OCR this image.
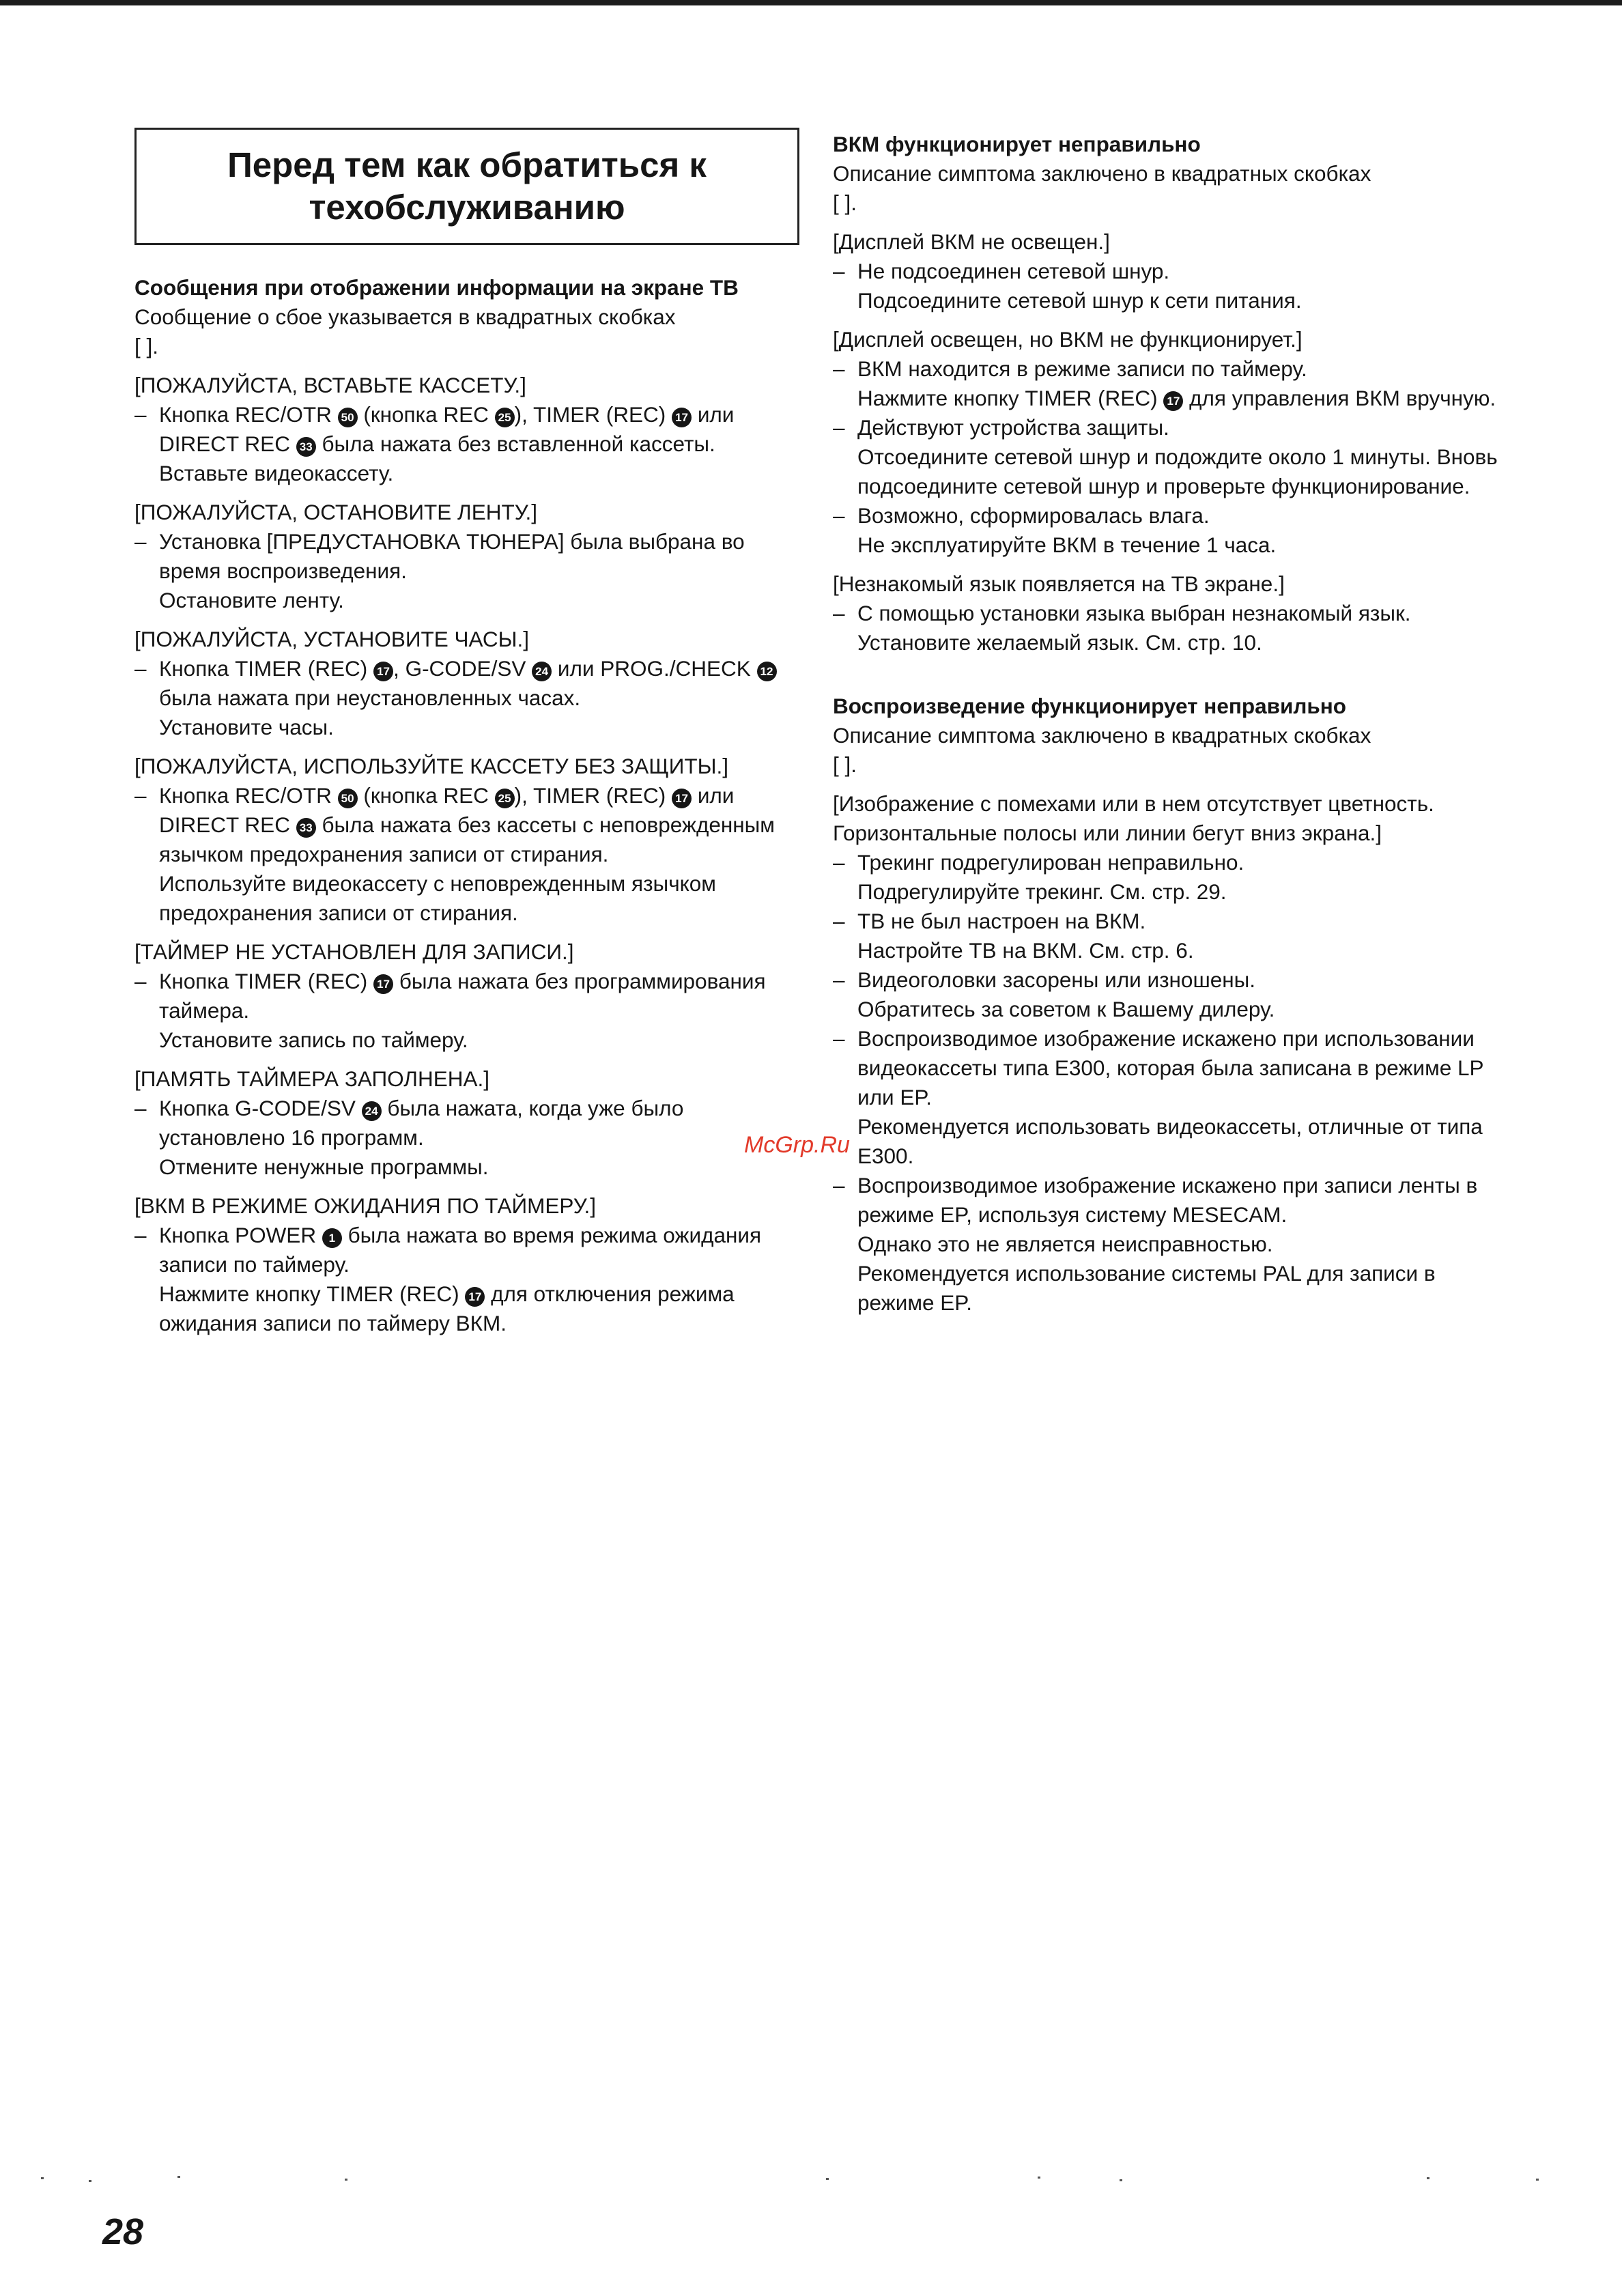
Перед тем как обратиться к техобслуживанию
Сообщения при отображении информации на экране ТВ
Сообщение о сбое указывается в квадратных скобках
[ ].
[ПОЖАЛУЙСТА, ВСТАВЬТЕ КАССЕТУ.]
– Кнопка REC/OTR 50 (кнопка REC 25 ), TIMER (REC) 17 или DIRECT REC 33 была нажата без вставленной кассеты.
Вставьте видеокассету.
[ПОЖАЛУЙСТА, ОСТАНОВИТЕ ЛЕНТУ.]
– Установка [ПРЕДУСТАНОВКА ТЮНЕРА] была выбрана во время воспроизведения.
Остановите ленту.
[ПОЖАЛУЙСТА, УСТАНОВИТЕ ЧАСЫ.]
– Кнопка TIMER (REC) 17 , G-CODE/SV 24 или PROG./CHECK 12 была нажата при неустановленных часах.
Установите часы.
[ПОЖАЛУЙСТА, ИСПОЛЬЗУЙТЕ КАССЕТУ БЕЗ ЗАЩИТЫ.]
– Кнопка REC/OTR 50 (кнопка REC 25 ), TIMER (REC) 17 или DIRECT REC 33 была нажата без кассеты с неповрежденным язычком предохранения записи от стирания.
Используйте видеокассету с неповрежденным язычком предохранения записи от стирания.
[ТАЙМЕР НЕ УСТАНОВЛЕН ДЛЯ ЗАПИСИ.]
– Кнопка TIMER (REC) 17 была нажата без программирования таймера.
Установите запись по таймеру.
[ПАМЯТЬ ТАЙМЕРА ЗАПОЛНЕНА.]
– Кнопка G-CODE/SV 24 была нажата, когда уже было установлено 16 программ.
Отмените ненужные программы.
[ВКМ В РЕЖИМЕ ОЖИДАНИЯ ПО ТАЙМЕРУ.]
– Кнопка POWER 1 была нажата во время режима ожидания записи по таймеру.
Нажмите кнопку TIMER (REC) 17 для отключения режима ожидания записи по таймеру ВКМ.
ВКМ функционирует неправильно
Описание симптома заключено в квадратных скобках
[ ].
[Дисплей ВКМ не освещен.]
– Не подсоединен сетевой шнур.
Подсоедините сетевой шнур к сети питания.
[Дисплей освещен, но ВКМ не функционирует.]
– ВКМ находится в режиме записи по таймеру.
Нажмите кнопку TIMER (REC) 17 для управления ВКМ вручную.
– Действуют устройства защиты.
Отсоедините сетевой шнур и подождите около 1 минуты. Вновь подсоедините сетевой шнур и проверьте функционирование.
– Возможно, сформировалась влага.
Не эксплуатируйте ВКМ в течение 1 часа.
[Незнакомый язык появляется на ТВ экране.]
– С помощью установки языка выбран незнакомый язык.
Установите желаемый язык. См. стр. 10.
Воспроизведение функционирует неправильно
Описание симптома заключено в квадратных скобках
[ ].
[Изображение с помехами или в нем отсутствует цветность. Горизонтальные полосы или линии бегут вниз экрана.]
– Трекинг подрегулирован неправильно.
Подрегулируйте трекинг. См. стр. 29.
– ТВ не был настроен на ВКМ.
Настройте ТВ на ВКМ. См. стр. 6.
– Видеоголовки засорены или изношены.
Обратитесь за советом к Вашему дилеру.
– Воспроизводимое изображение искажено при использовании видеокассеты типа E300, которая была записана в режиме LP или EP.
Рекомендуется использовать видеокассеты, отличные от типа E300.
– Воспроизводимое изображение искажено при записи ленты в режиме EP, используя систему MESECAM.
Однако это не является неисправностью.
Рекомендуется использование системы PAL для записи в режиме EP.
McGrp.Ru
28
